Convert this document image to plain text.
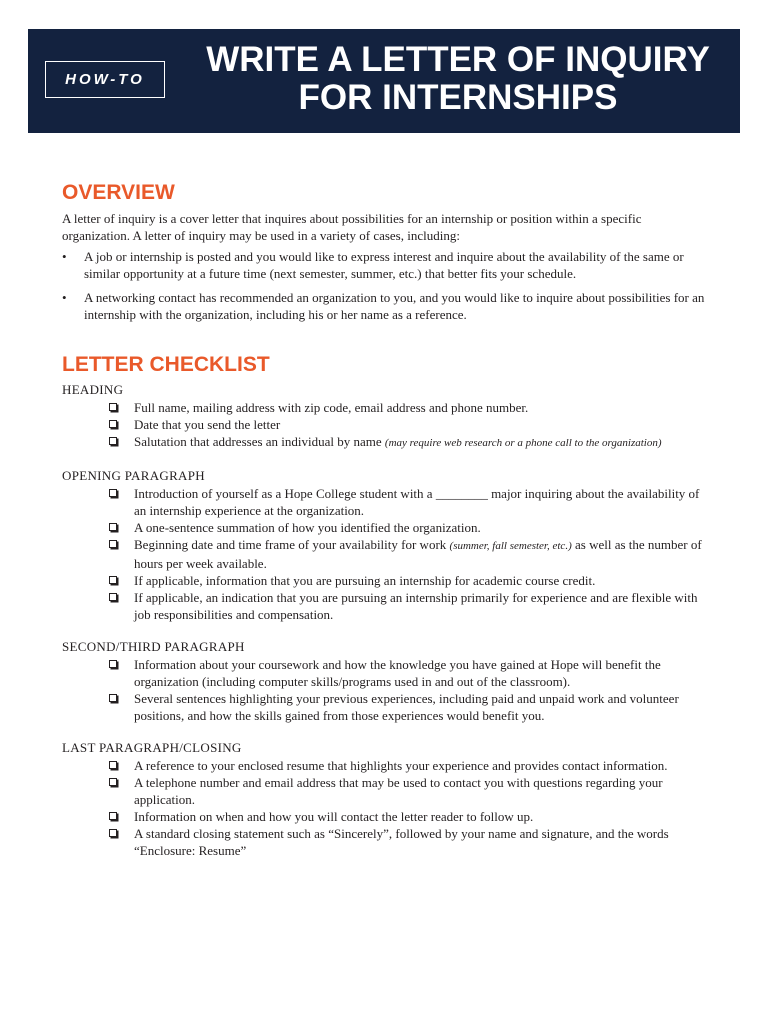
HOW-TO
WRITE A LETTER OF INQUIRY
FOR INTERNSHIPS
OVERVIEW

A letter of inquiry is a cover letter that inquires about possibilities for an internship or position within a specific organization. A letter of inquiry may be used in a variety of cases, including:

• A job or internship is posted and you would like to express interest and inquire about the availability of the same or similar opportunity at a future time (next semester, summer, etc.) that better fits your schedule.
• A networking contact has recommended an organization to you, and you would like to inquire about possibilities for an internship with the organization, including his or her name as a reference.
LETTER CHECKLIST
HEADING
Full name, mailing address with zip code, email address and phone number.
Date that you send the letter
Salutation that addresses an individual by name (may require web research or a phone call to the organization)
OPENING PARAGRAPH
Introduction of yourself as a Hope College student with a ________ major inquiring about the availability of an internship experience at the organization.
A one-sentence summation of how you identified the organization.
Beginning date and time frame of your availability for work (summer, fall semester, etc.) as well as the number of hours per week available.
If applicable, information that you are pursuing an internship for academic course credit.
If applicable, an indication that you are pursuing an internship primarily for experience and are flexible with job responsibilities and compensation.
SECOND/THIRD PARAGRAPH
Information about your coursework and how the knowledge you have gained at Hope will benefit the organization (including computer skills/programs used in and out of the classroom).
Several sentences highlighting your previous experiences, including paid and unpaid work and volunteer positions, and how the skills gained from those experiences would benefit you.
LAST PARAGRAPH/CLOSING
A reference to your enclosed resume that highlights your experience and provides contact information.
A telephone number and email address that may be used to contact you with questions regarding your application.
Information on when and how you will contact the letter reader to follow up.
A standard closing statement such as “Sincerely”, followed by your name and signature, and the words “Enclosure: Resume”
